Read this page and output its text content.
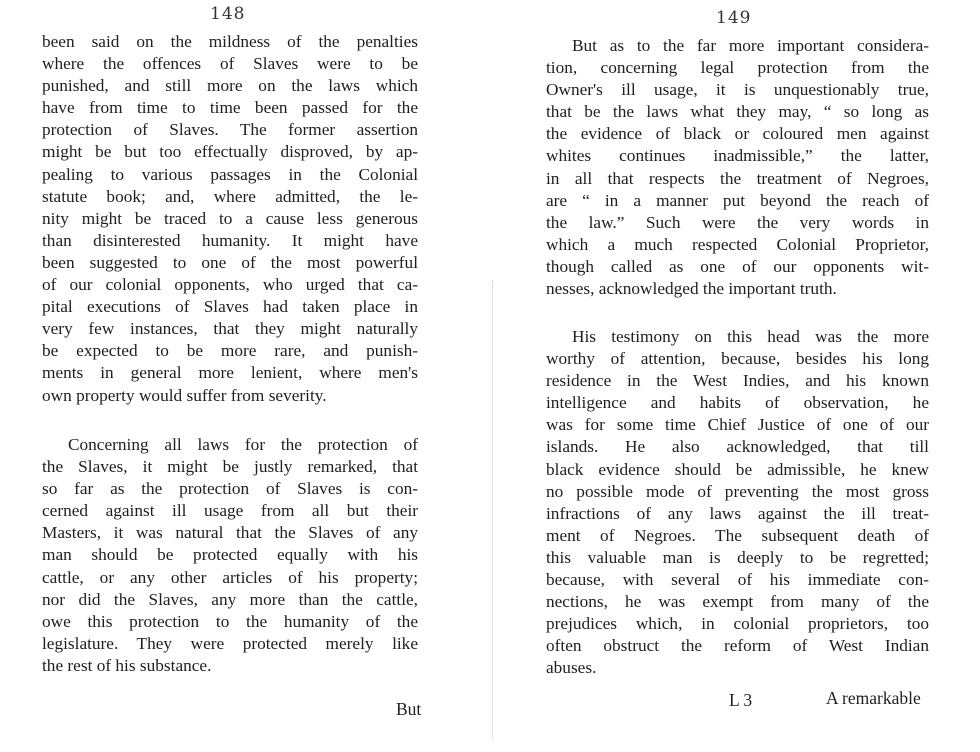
148
been said on the mildness of the penalties
where the offences of Slaves were to be
punished, and still more on the laws which
have from time to time been passed for the
protection of Slaves. The former assertion
might be but too effectually disproved, by ap-
pealing to various passages in the Colonial
statute book; and, where admitted, the le-
nity might be traced to a cause less generous
than disinterested humanity. It might have
been suggested to one of the most powerful
of our colonial opponents, who urged that ca-
pital executions of Slaves had taken place in
very few instances, that they might naturally
be expected to be more rare, and punish-
ments in general more lenient, where men's
own property would suffer from severity.
Concerning all laws for the protection of
the Slaves, it might be justly remarked, that
so far as the protection of Slaves is con-
cerned against ill usage from all but their
Masters, it was natural that the Slaves of any
man should be protected equally with his
cattle, or any other articles of his property;
nor did the Slaves, any more than the cattle,
owe this protection to the humanity of the
legislature. They were protected merely like
the rest of his substance.
But
149
But as to the far more important considera-
tion, concerning legal protection from the
Owner's ill usage, it is unquestionably true,
that be the laws what they may, “ so long as
the evidence of black or coloured men against
whites continues inadmissible,” the latter,
in all that respects the treatment of Negroes,
are “ in a manner put beyond the reach of
the law.” Such were the very words in
which a much respected Colonial Proprietor,
though called as one of our opponents wit-
nesses, acknowledged the important truth.
His testimony on this head was the more
worthy of attention, because, besides his long
residence in the West Indies, and his known
intelligence and habits of observation, he
was for some time Chief Justice of one of our
islands. He also acknowledged, that till
black evidence should be admissible, he knew
no possible mode of preventing the most gross
infractions of any laws against the ill treat-
ment of Negroes. The subsequent death of
this valuable man is deeply to be regretted;
because, with several of his immediate con-
nections, he was exempt from many of the
prejudices which, in colonial proprietors, too
often obstruct the reform of West Indian
abuses.
L 3	A remarkable
